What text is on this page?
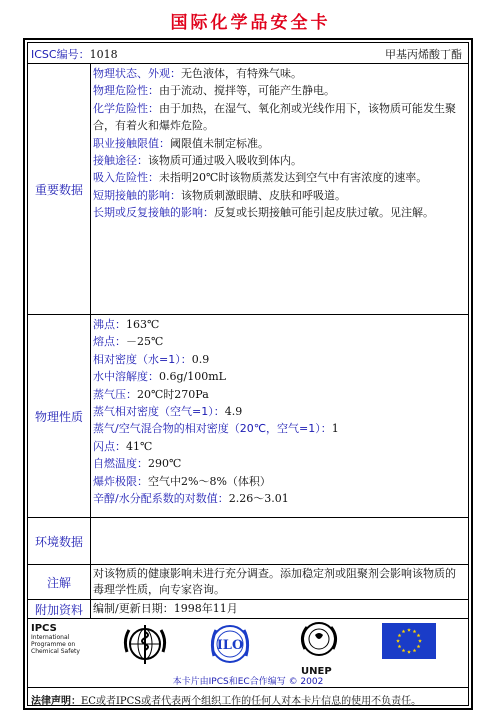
国际化学品安全卡
ICSC编号：1018	甲基丙烯酸丁酯
重要数据
物理状态、外观：无色液体，有特殊气味。
物理危险性：由于流动、搅拌等，可能产生静电。
化学危险性：由于加热，在湿气、氧化剂或光线作用下，该物质可能发生聚合，有着火和爆炸危险。
职业接触限值：阈限值未制定标准。
接触途径：该物质可通过吸入吸收到体内。
吸入危险性：未指明20℃时该物质蒸发达到空气中有害浓度的速率。
短期接触的影响：该物质刺激眼睛、皮肤和呼吸道。
长期或反复接触的影响：反复或长期接触可能引起皮肤过敏。见注解。
物理性质
沸点：163℃
熔点：－25℃
相对密度（水=1）：0.9
水中溶解度：0.6g/100mL
蒸气压：20℃时270Pa
蒸气相对密度（空气=1）：4.9
蒸气/空气混合物的相对密度（20℃，空气=1）：1
闪点：41℃
自燃温度：290℃
爆炸极限：空气中2%～8%（体积）
辛醇/水分配系数的对数值：2.26～3.01
环境数据
注解
对该物质的健康影响未进行充分调查。添加稳定剂或阻聚剂会影响该物质的毒理学性质，向专家咨询。
附加资料 编制/更新日期：1998年11月
IPCS
International
Programme on
Chemical Safety	ILO
UNEP
本卡片由IPCS和EC合作编写 © 2002
法律声明：EC或者IPCS或者代表两个组织工作的任何人对本卡片信息的使用不负责任。
